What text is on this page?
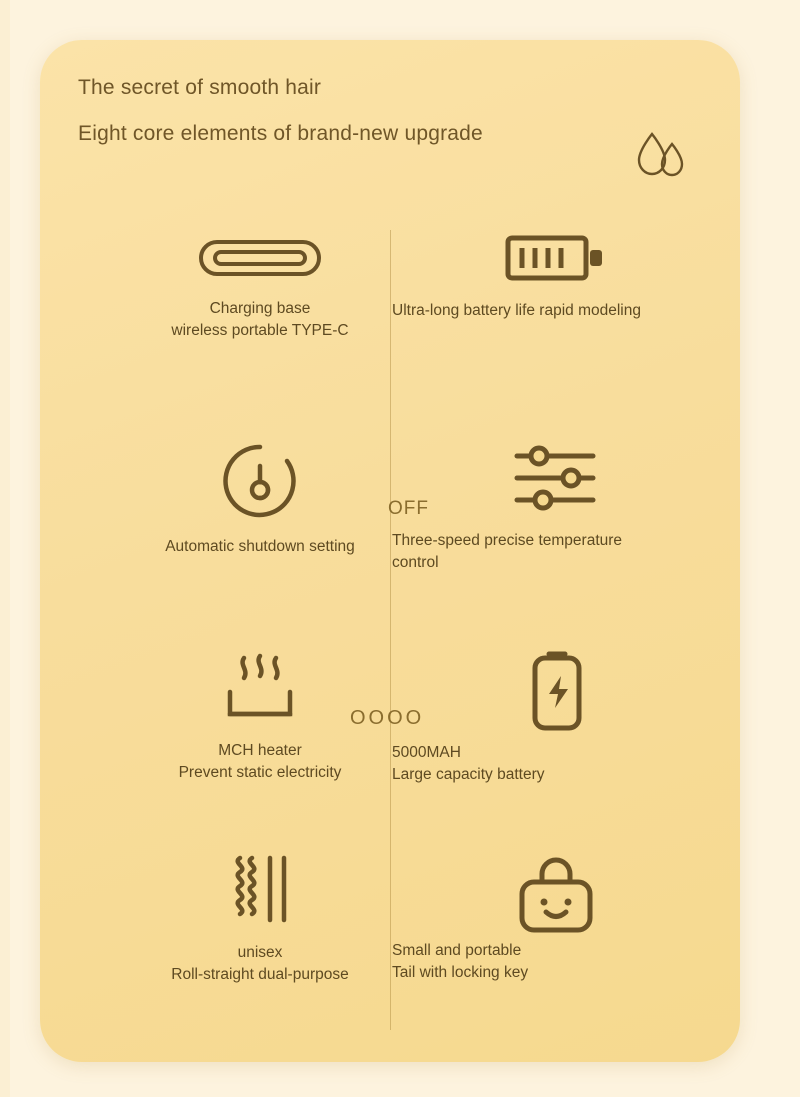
The secret of smooth hair
Eight core elements of brand-new upgrade
OFF
OOOO
Charging base
wireless portable TYPE-C
Automatic shutdown setting
MCH heater
Prevent static electricity
unisex
Roll-straight dual-purpose
Ultra-long battery life rapid modeling
Three-speed precise temperature
control
5000MAH
Large capacity battery
Small and portable
Tail with locking key
